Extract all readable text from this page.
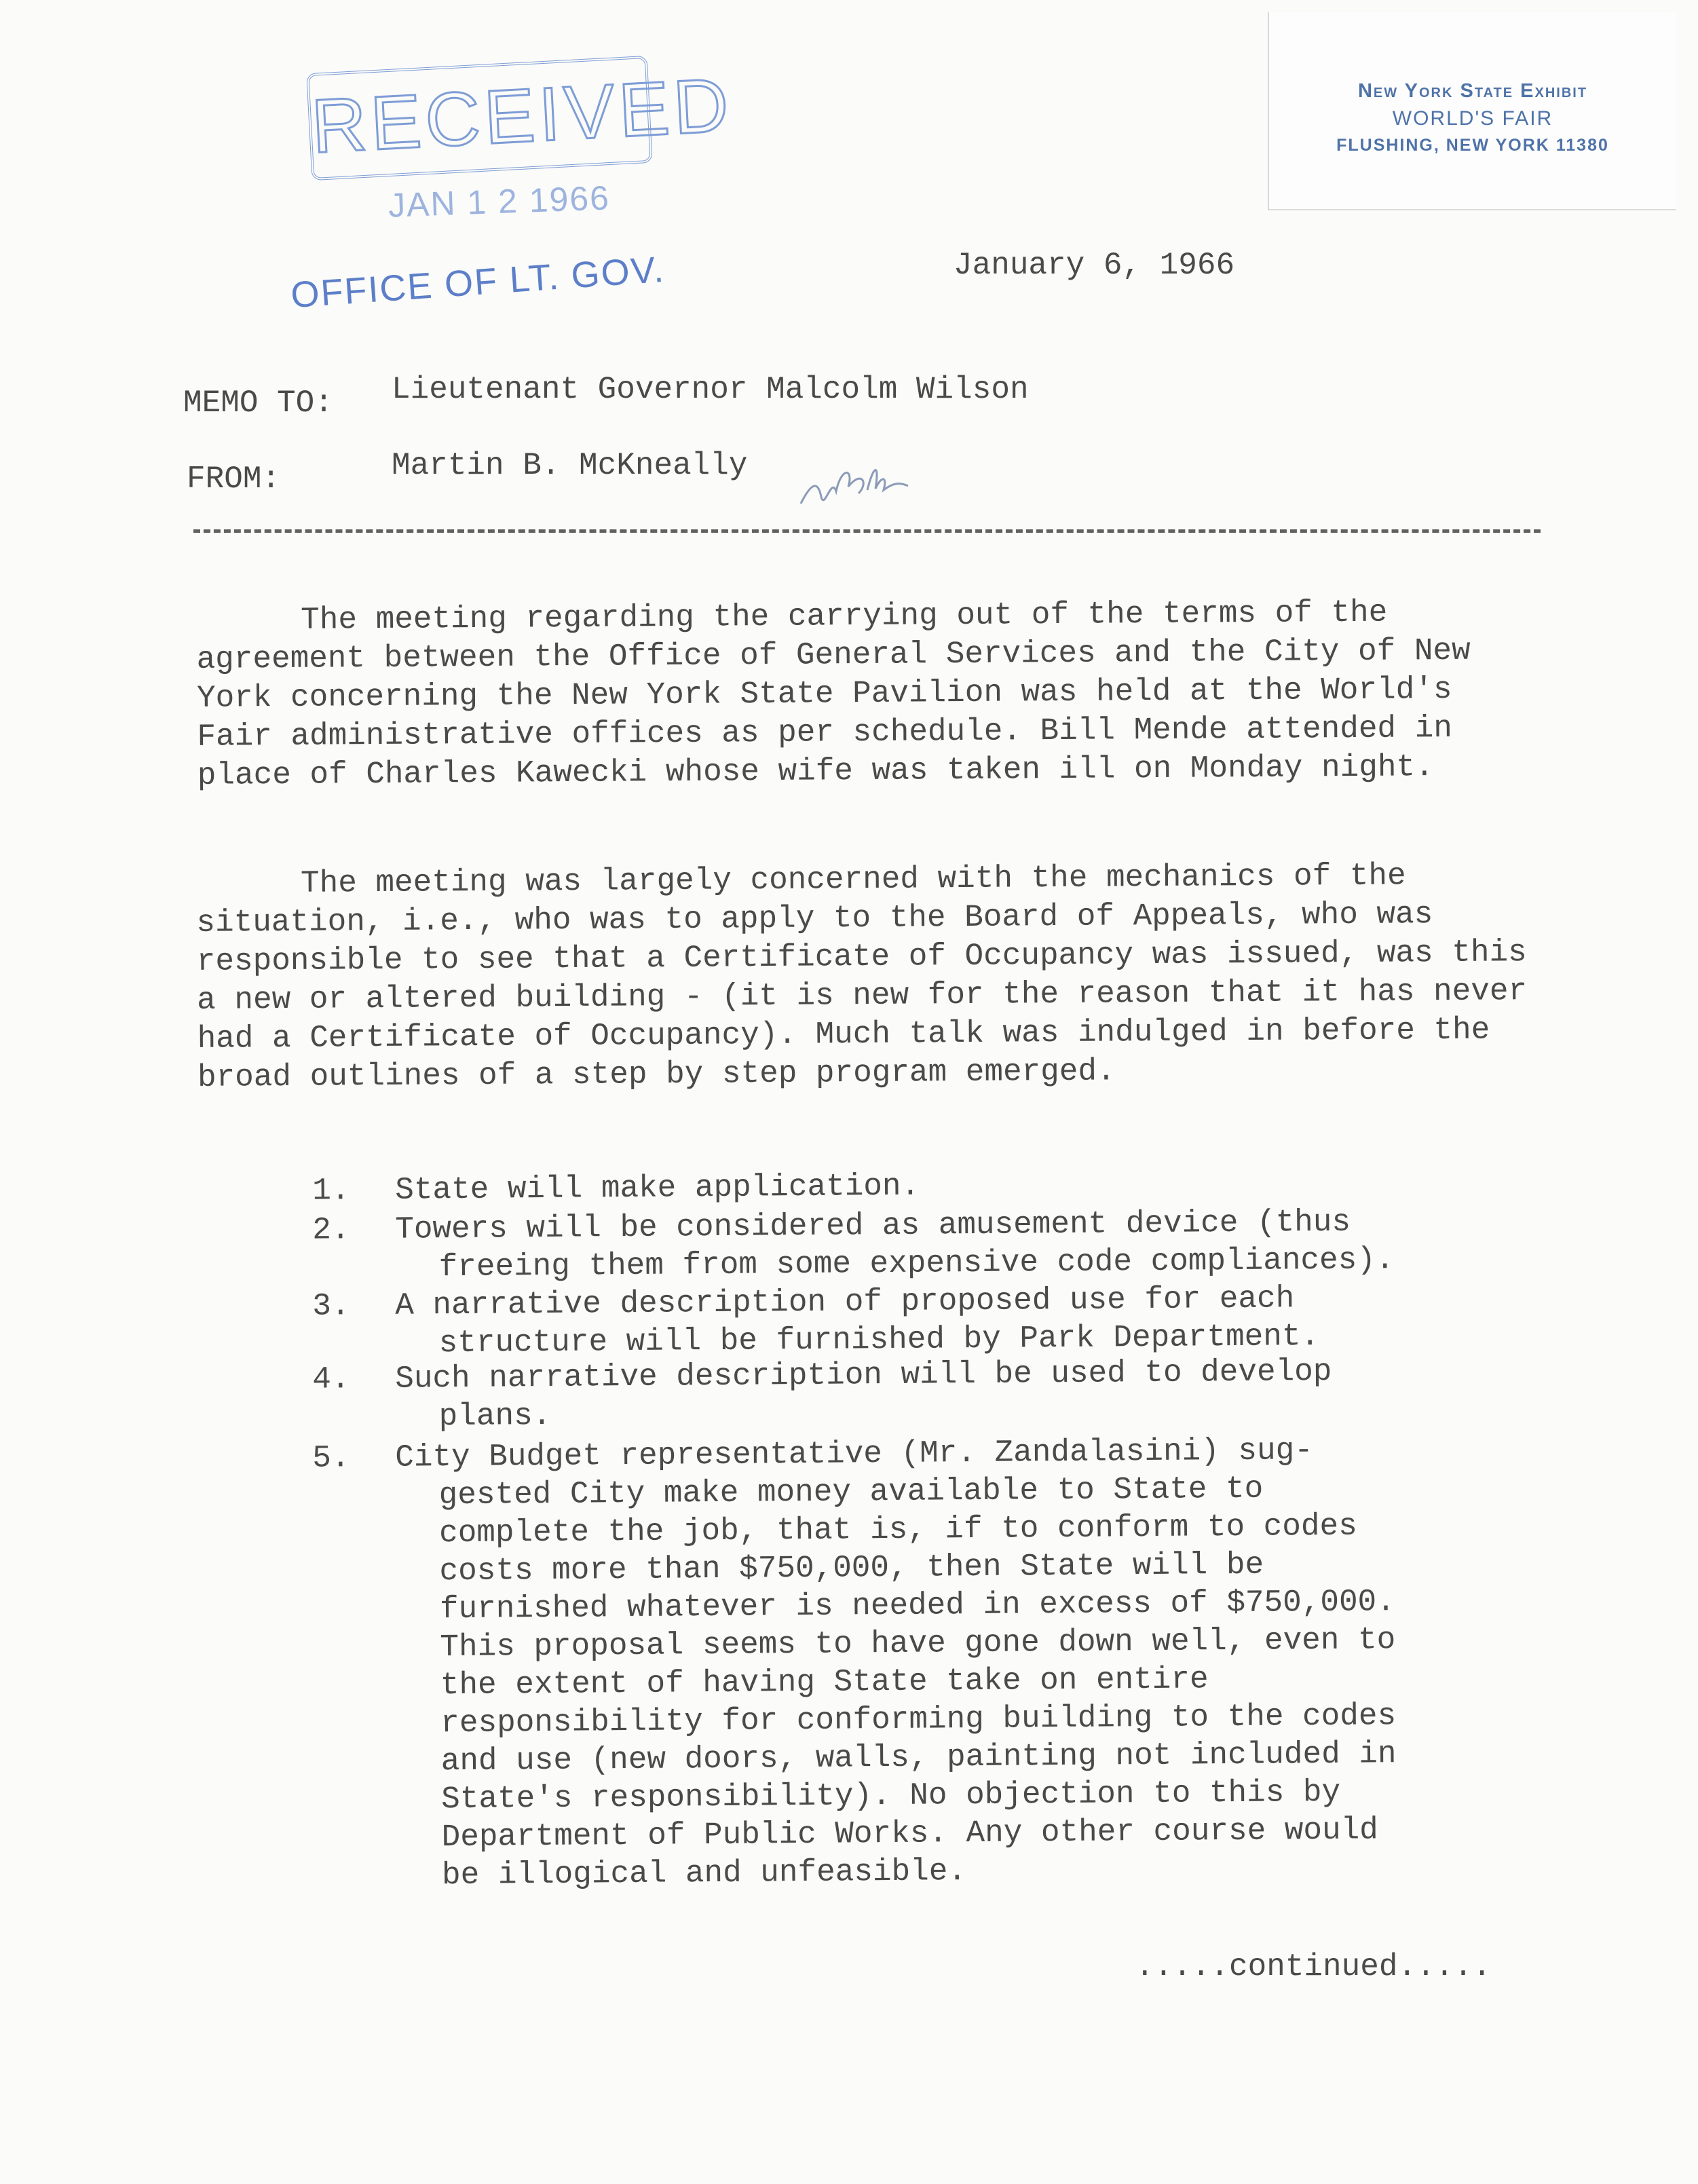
New York State Exhibit
WORLD'S FAIR
FLUSHING, NEW YORK 11380
RECEIVED
JAN 1 2 1966
OFFICE OF LT. GOV.	January 6, 1966
MEMO TO: Lieutenant Governor Malcolm Wilson
FROM:	Martin B. McKneally
The meeting regarding the carrying out of the terms of the agreement between the Office of General Services and the City of New York concerning the New York State Pavilion was held at the World's Fair administrative offices as per schedule. Bill Mende attended in place of Charles Kawecki whose wife was taken ill on Monday night.
The meeting was largely concerned with the mechanics of the situation, i.e., who was to apply to the Board of Appeals, who was responsible to see that a Certificate of Occupancy was issued, was this a new or altered building - (it is new for the reason that it has never had a Certificate of Occupancy). Much talk was indulged in before the broad outlines of a step by step program emerged.
1. State will make application.
2. Towers will be considered as amusement device (thus
freeing them from some expensive code compliances).
3. A narrative description of proposed use for each
structure will be furnished by Park Department.
4. Such narrative description will be used to develop
plans.
5. City Budget representative (Mr. Zandalasini) sug-
gested City make money available to State to complete the job, that is, if to conform to codes costs more than $750,000, then State will be furnished whatever is needed in excess of $750,000. This proposal seems to have gone down well, even to the extent of having State take on entire responsibility for conforming building to the codes and use (new doors, walls, painting not included in State's responsibility). No objection to this by Department of Public Works. Any other course would be illogical and unfeasible.
.....continued.....
